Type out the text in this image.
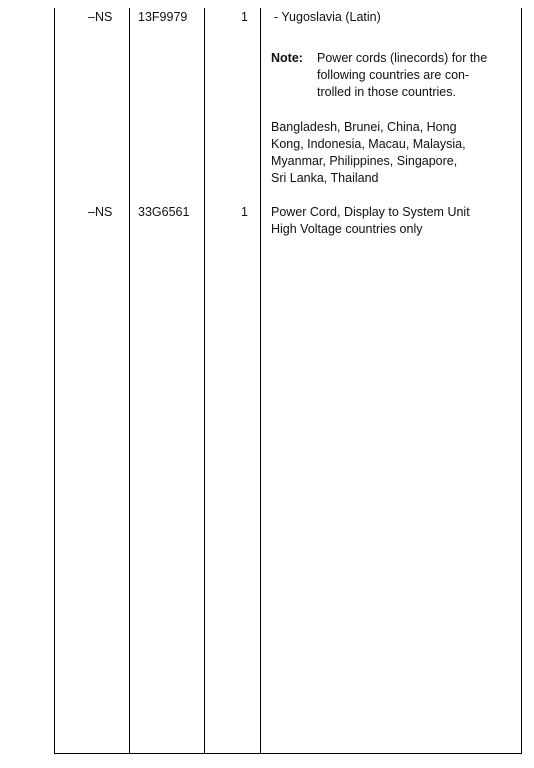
–NS 13F9979	1 - Yugoslavia (Latin)
Note: Power cords (linecords) for the
following countries are con-
trolled in those countries.
Bangladesh, Brunei, China, Hong
Kong, Indonesia, Macau, Malaysia,
Myanmar, Philippines, Singapore,
Sri Lanka, Thailand
–NS 33G6561	1 Power Cord, Display to System Unit
High Voltage countries only
